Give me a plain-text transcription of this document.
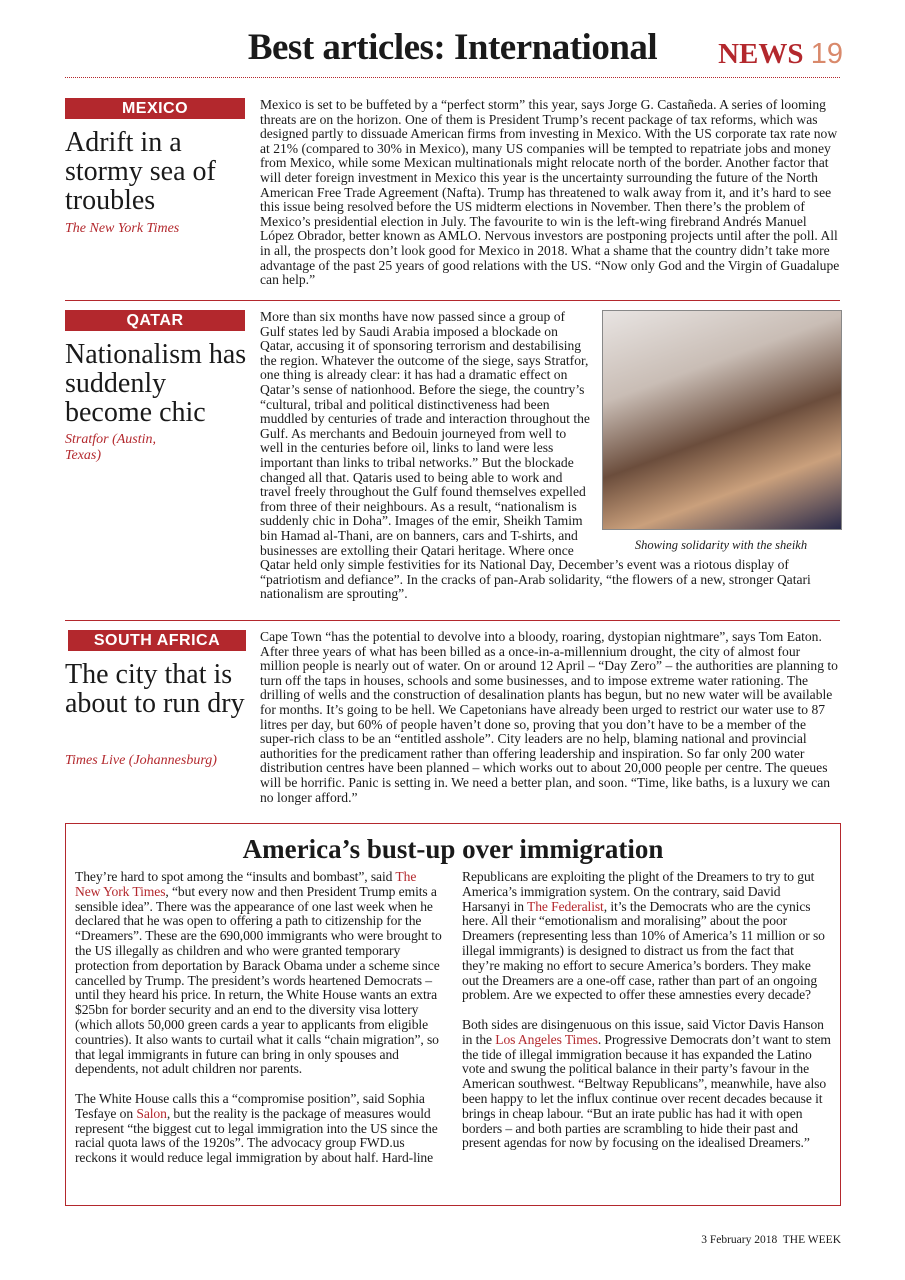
Best articles: International	NEWS 19
MEXICO
Adrift in a stormy sea of troubles
The New York Times

Mexico is set to be buffeted by a “perfect storm” this year, says Jorge G. Castañeda. A series of looming threats are on the horizon. One of them is President Trump’s recent package of tax reforms, which was designed partly to dissuade American firms from investing in Mexico. With the US corporate tax rate now at 21% (compared to 30% in Mexico), many US companies will be tempted to repatriate jobs and money from Mexico, while some Mexican multinationals might relocate north of the border. Another factor that will deter foreign investment in Mexico this year is the uncertainty surrounding the future of the North American Free Trade Agreement (Nafta). Trump has threatened to walk away from it, and it’s hard to see this issue being resolved before the US midterm elections in November. Then there’s the problem of Mexico’s presidential election in July. The favourite to win is the left-wing firebrand Andrés Manuel López Obrador, better known as AMLO. Nervous investors are postponing projects until after the poll. All in all, the prospects don’t look good for Mexico in 2018. What a shame that the country didn’t take more advantage of the past 25 years of good relations with the US. “Now only God and the Virgin of Guadalupe can help.”

QATAR
Nationalism has suddenly become chic
Stratfor (Austin, Texas)
Showing solidarity with the sheikh

More than six months have now passed since a group of Gulf states led by Saudi Arabia imposed a blockade on Qatar, accusing it of sponsoring terrorism and destabilising the region. Whatever the outcome of the siege, says Stratfor, one thing is already clear: it has had a dramatic effect on Qatar’s sense of nationhood. Before the siege, the country’s “cultural, tribal and political distinctiveness had been muddled by centuries of trade and interaction throughout the Gulf. As merchants and Bedouin journeyed from well to well in the centuries before oil, links to land were less important than links to tribal networks.” But the blockade changed all that. Qataris used to being able to work and travel freely throughout the Gulf found themselves expelled from three of their neighbours. As a result, “nationalism is suddenly chic in Doha”. Images of the emir, Sheikh Tamim bin Hamad al-Thani, are on banners, cars and T-shirts, and businesses are extolling their Qatari heritage. Where once Qatar held only simple festivities for its National Day, December’s event was a riotous display of “patriotism and defiance”. In the cracks of pan-Arab solidarity, “the flowers of a new, stronger Qatari nationalism are sprouting”.

SOUTH AFRICA
The city that is about to run dry
Times Live (Johannesburg)

Cape Town “has the potential to devolve into a bloody, roaring, dystopian nightmare”, says Tom Eaton. After three years of what has been billed as a once-in-a-millennium drought, the city of almost four million people is nearly out of water. On or around 12 April – “Day Zero” – the authorities are planning to turn off the taps in houses, schools and some businesses, and to impose extreme water rationing. The drilling of wells and the construction of desalination plants has begun, but no new water will be available for months. It’s going to be hell. We Capetonians have already been urged to restrict our water use to 87 litres per day, but 60% of people haven’t done so, proving that you don’t have to be a member of the super-rich class to be an “entitled asshole”. City leaders are no help, blaming national and provincial authorities for the predicament rather than offering leadership and inspiration. So far only 200 water distribution centres have been planned – which works out to about 20,000 people per centre. The queues will be horrific. Panic is setting in. We need a better plan, and soon. “Time, like baths, is a luxury we can no longer afford.”

America’s bust-up over immigration

They’re hard to spot among the “insults and bombast”, said The New York Times, “but every now and then President Trump emits a sensible idea”. There was the appearance of one last week when he declared that he was open to offering a path to citizenship for the “Dreamers”. These are the 690,000 immigrants who were brought to the US illegally as children and who were granted temporary protection from deportation by Barack Obama under a scheme since cancelled by Trump. The president’s words heartened Democrats – until they heard his price. In return, the White House wants an extra $25bn for border security and an end to the diversity visa lottery (which allots 50,000 green cards a year to applicants from eligible countries). It also wants to curtail what it calls “chain migration”, so that legal immigrants in future can bring in only spouses and dependents, not adult children nor parents.

The White House calls this a “compromise position”, said Sophia Tesfaye on Salon, but the reality is the package of measures would represent “the biggest cut to legal immigration into the US since the racial quota laws of the 1920s”. The advocacy group FWD.us reckons it would reduce legal immigration by about half. Hard-line Republicans are exploiting the plight of the Dreamers to try to gut America’s immigration system. On the contrary, said David Harsanyi in The Federalist, it’s the Democrats who are the cynics here. All their “emotionalism and moralising” about the poor Dreamers (representing less than 10% of America’s 11 million or so illegal immigrants) is designed to distract us from the fact that they’re making no effort to secure America’s borders. They make out the Dreamers are a one-off case, rather than part of an ongoing problem. Are we expected to offer these amnesties every decade?

Both sides are disingenuous on this issue, said Victor Davis Hanson in the Los Angeles Times. Progressive Democrats don’t want to stem the tide of illegal immigration because it has expanded the Latino vote and swung the political balance in their party’s favour in the American southwest. “Beltway Republicans”, meanwhile, have also been happy to let the influx continue over recent decades because it brings in cheap labour. “But an irate public has had it with open borders – and both parties are scrambling to hide their past and present agendas for now by focusing on the idealised Dreamers.”

3 February 2018 THE WEEK
